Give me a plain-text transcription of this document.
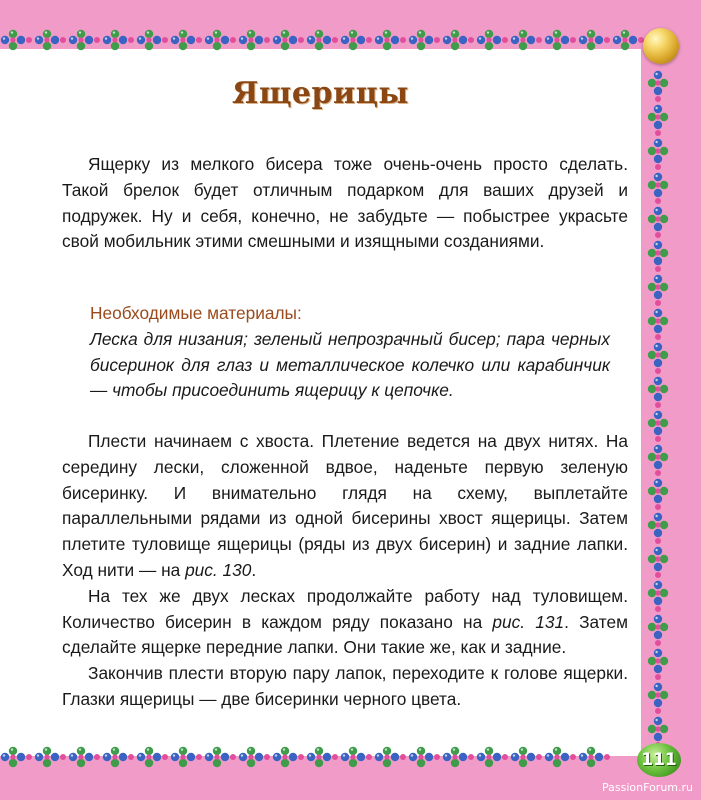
Ящерицы

Ящерку из мелкого бисера тоже очень-очень просто сделать. Такой брелок будет отличным подарком для ваших друзей и подружек. Ну и себя, конечно, не забудьте — побыстрее украсьте свой мобильник этими смешными и изящными созданиями.

Необходимые материалы:
Леска для низания; зеленый непрозрачный бисер; пара черных бисеринок для глаз и металлическое колечко или карабинчик — чтобы присоединить ящерицу к цепочке.

Плести начинаем с хвоста. Плетение ведется на двух нитях. На середину лески, сложенной вдвое, наденьте первую зеленую бисеринку. И внимательно глядя на схему, выплетайте параллельными рядами из одной бисерины хвост ящерицы. Затем плетите туловище ящерицы (ряды из двух бисерин) и задние лапки. Ход нити — на рис. 130.
На тех же двух лесках продолжайте работу над туловищем. Количество бисерин в каждом ряду показано на рис. 131. Затем сделайте ящерке передние лапки. Они такие же, как и задние.
Закончив плести вторую пару лапок, переходите к голове ящерки. Глазки ящерицы — две бисеринки черного цвета.

111
PassionForum.ru
